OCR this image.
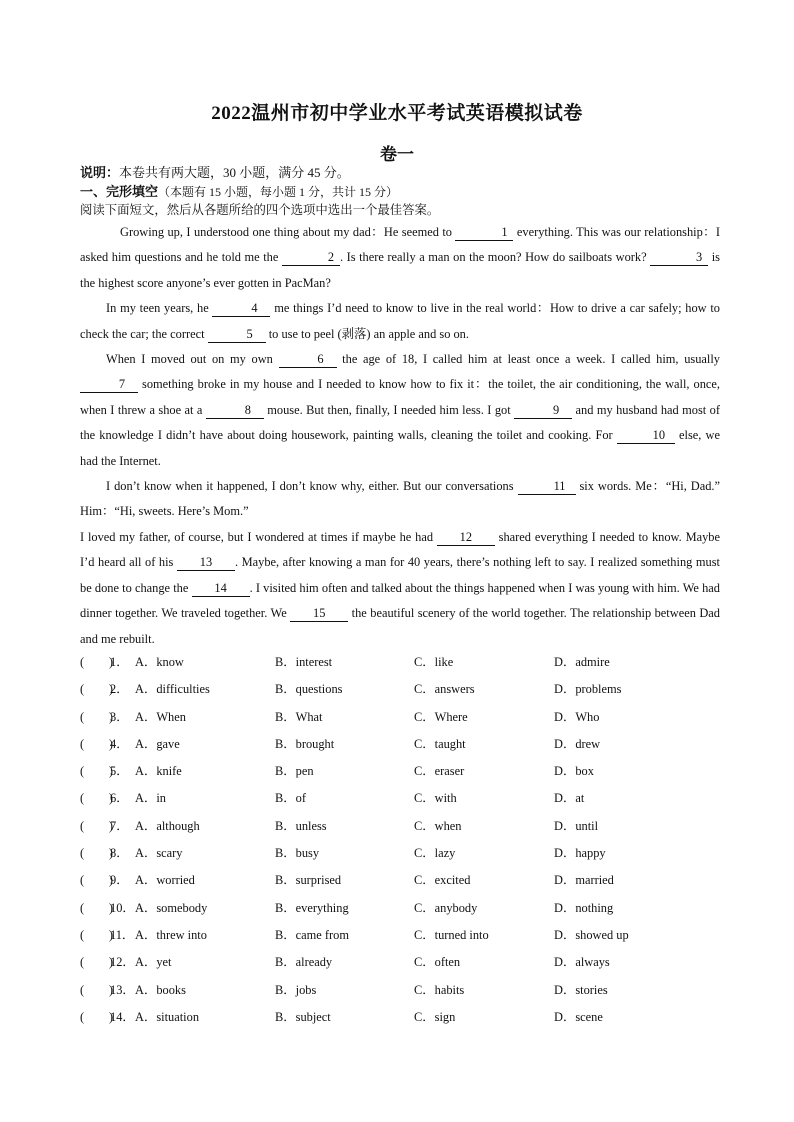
2022温州市初中学业水平考试英语模拟试卷
卷一
说明：本卷共有两大题，30 小题，满分 45 分。
一、完形填空（本题有 15 小题，每小题 1 分，共计 15 分）
阅读下面短文，然后从各题所给的四个选项中选出一个最佳答案。

Growing up, I understood one thing about my dad：He seemed to	1 everything. This was our relationship：I asked him questions and he told me the	2 . Is there really a man on the moon? How do sailboats work?	3 is the highest score anyone’s ever gotten in PacMan?

In my teen years, he	4 me things I’d need to know to live in the real world：How to drive a car safely; how to check the car; the correct	5 to use to peel (剥落) an apple and so on.

When I moved out on my own	6 the age of 18, I called him at least once a week. I called him, usually 7 something broke in my house and I needed to know how to fix it：the toilet, the air conditioning, the wall, once, when I threw a shoe at a	8 mouse. But then, finally, I needed him less. I got	9 and my husband had most of the knowledge I didn’t have about doing housework, painting walls, cleaning the toilet and cooking. For	10 else, we had the Internet.

I don’t know when it happened, I don’t know why, either. But our conversations	11 six words. Me：“Hi, Dad.” Him：“Hi, sweets. Here’s Mom.”

I loved my father, of course, but I wondered at times if maybe he had 12 shared everything I needed to know. Maybe I’d heard all of his 13 . Maybe, after knowing a man for 40 years, there’s nothing left to say. I realized something must be done to change the 14 . I visited him often and talked about the things happened when I was young with him. We had dinner together. We traveled together. We 15 the beautiful scenery of the world together. The relationship between Dad and me rebuilt.

(　　)
1． A．know	B．interest	C．like	D．admire
(　　)
2． A．difficulties	B．questions	C．answers	D．problems
(　　)
3． A．When	B．What	C．Where	D．Who
(　　)
4． A．gave	B．brought	C．taught	D．drew
(　　)
5． A．knife	B．pen	C．eraser	D．box
(　　)
6． A．in	B．of	C．with	D．at
(　　)
7． A．although	B．unless	C．when	D．until
(　　)
8． A．scary	B．busy	C．lazy	D．happy
(　　)
9． A．worried	B．surprised	C．excited	D．married
(　　)
10． A．somebody	B．everything	C．anybody	D．nothing
(　　)
11． A．threw into	B．came from	C．turned into	D．showed up
(　　)
12． A．yet	B．already	C．often	D．always
(　　)
13． A．books	B．jobs	C．habits	D．stories
(　　)
14． A．situation	B．subject	C．sign	D．scene
